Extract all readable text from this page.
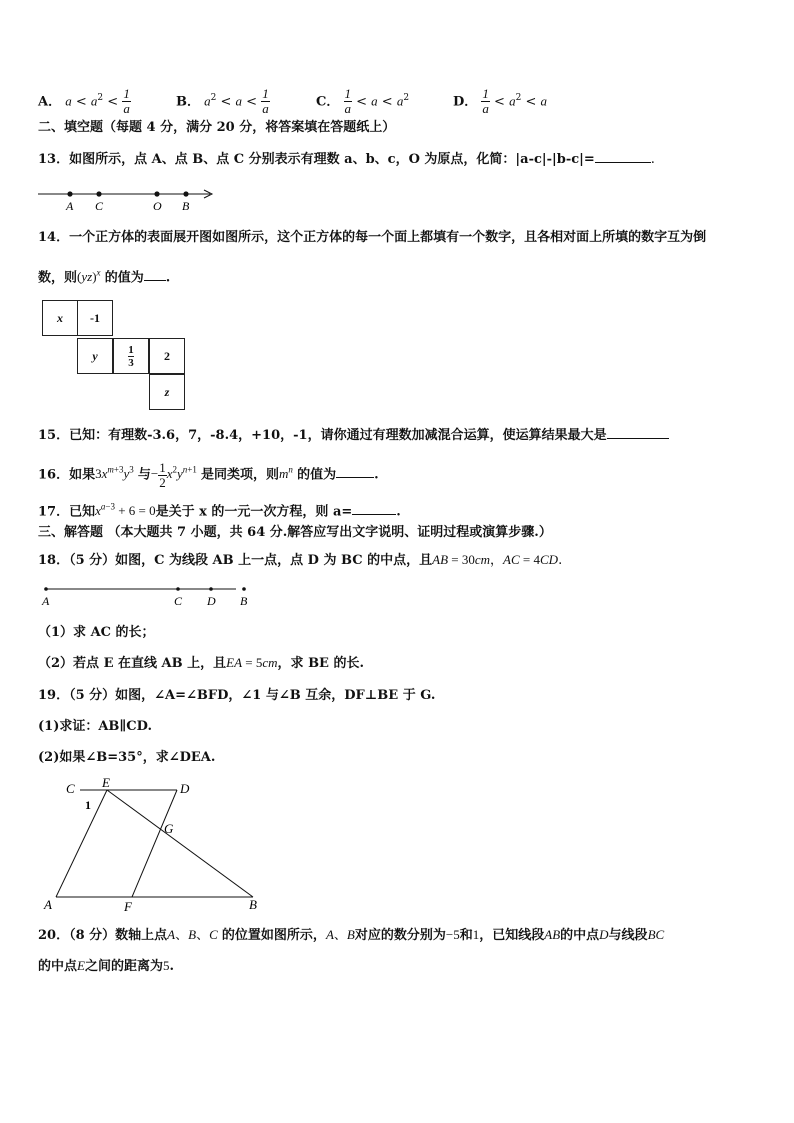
A． $a < a^2 < \frac{1}{a}$	B． $a^2 < a < \frac{1}{a}$	C． $\frac{1}{a} < a < a^2$	D． $\frac{1}{a} < a^2 < a$
二、填空题（每题 4 分，满分 20 分，将答案填在答题纸上）
13．如图所示，点 A、点 B、点 C 分别表示有理数 a、b、c，O 为原点，化简：|a-c|-|b-c|=	.
A C	O B
14．一个正方体的表面展开图如图所示，这个正方体的每一个面上都填有一个数字，且各相对面上所填的数字互为倒
数，则(yz)$^x$ 的值为 .
x	-1
y	1
3	2
z
15．已知：有理数-3.6，7，-8.4，+10，-1，请你通过有理数加减混合运算，使运算结果最大是
16．如果$3x^{m+3}y^3$ 与− $\frac{1}{2} x^2y^{n+1}$ 是同类项，则$m^n$ 的值为	.
17．已知$x^{a-3} + 6 = 0$是关于 x 的一元一次方程，则 a=	.
三、解答题 （本大题共 7 小题，共 64 分.解答应写出文字说明、证明过程或演算步骤.）
18．（5 分）如图，C 为线段 AB 上一点，点 D 为 BC 的中点，且AB = 30cm，AC = 4CD.
A	C D B
（1）求 AC 的长；
（2）若点 E 在直线 AB 上，且EA = 5cm，求 BE 的长.
19．（5 分）如图，∠A=∠BFD，∠1 与∠B 互余，DF⊥BE 于 G.
(1)求证：AB∥CD.
(2)如果∠B=35°，求∠DEA.
C E	D
1
G
A	F	B
20．（8 分）数轴上点A、B、C 的位置如图所示，A、B对应的数分别为−5和1，已知线段AB的中点D与线段BC
的中点E之间的距离为5.
